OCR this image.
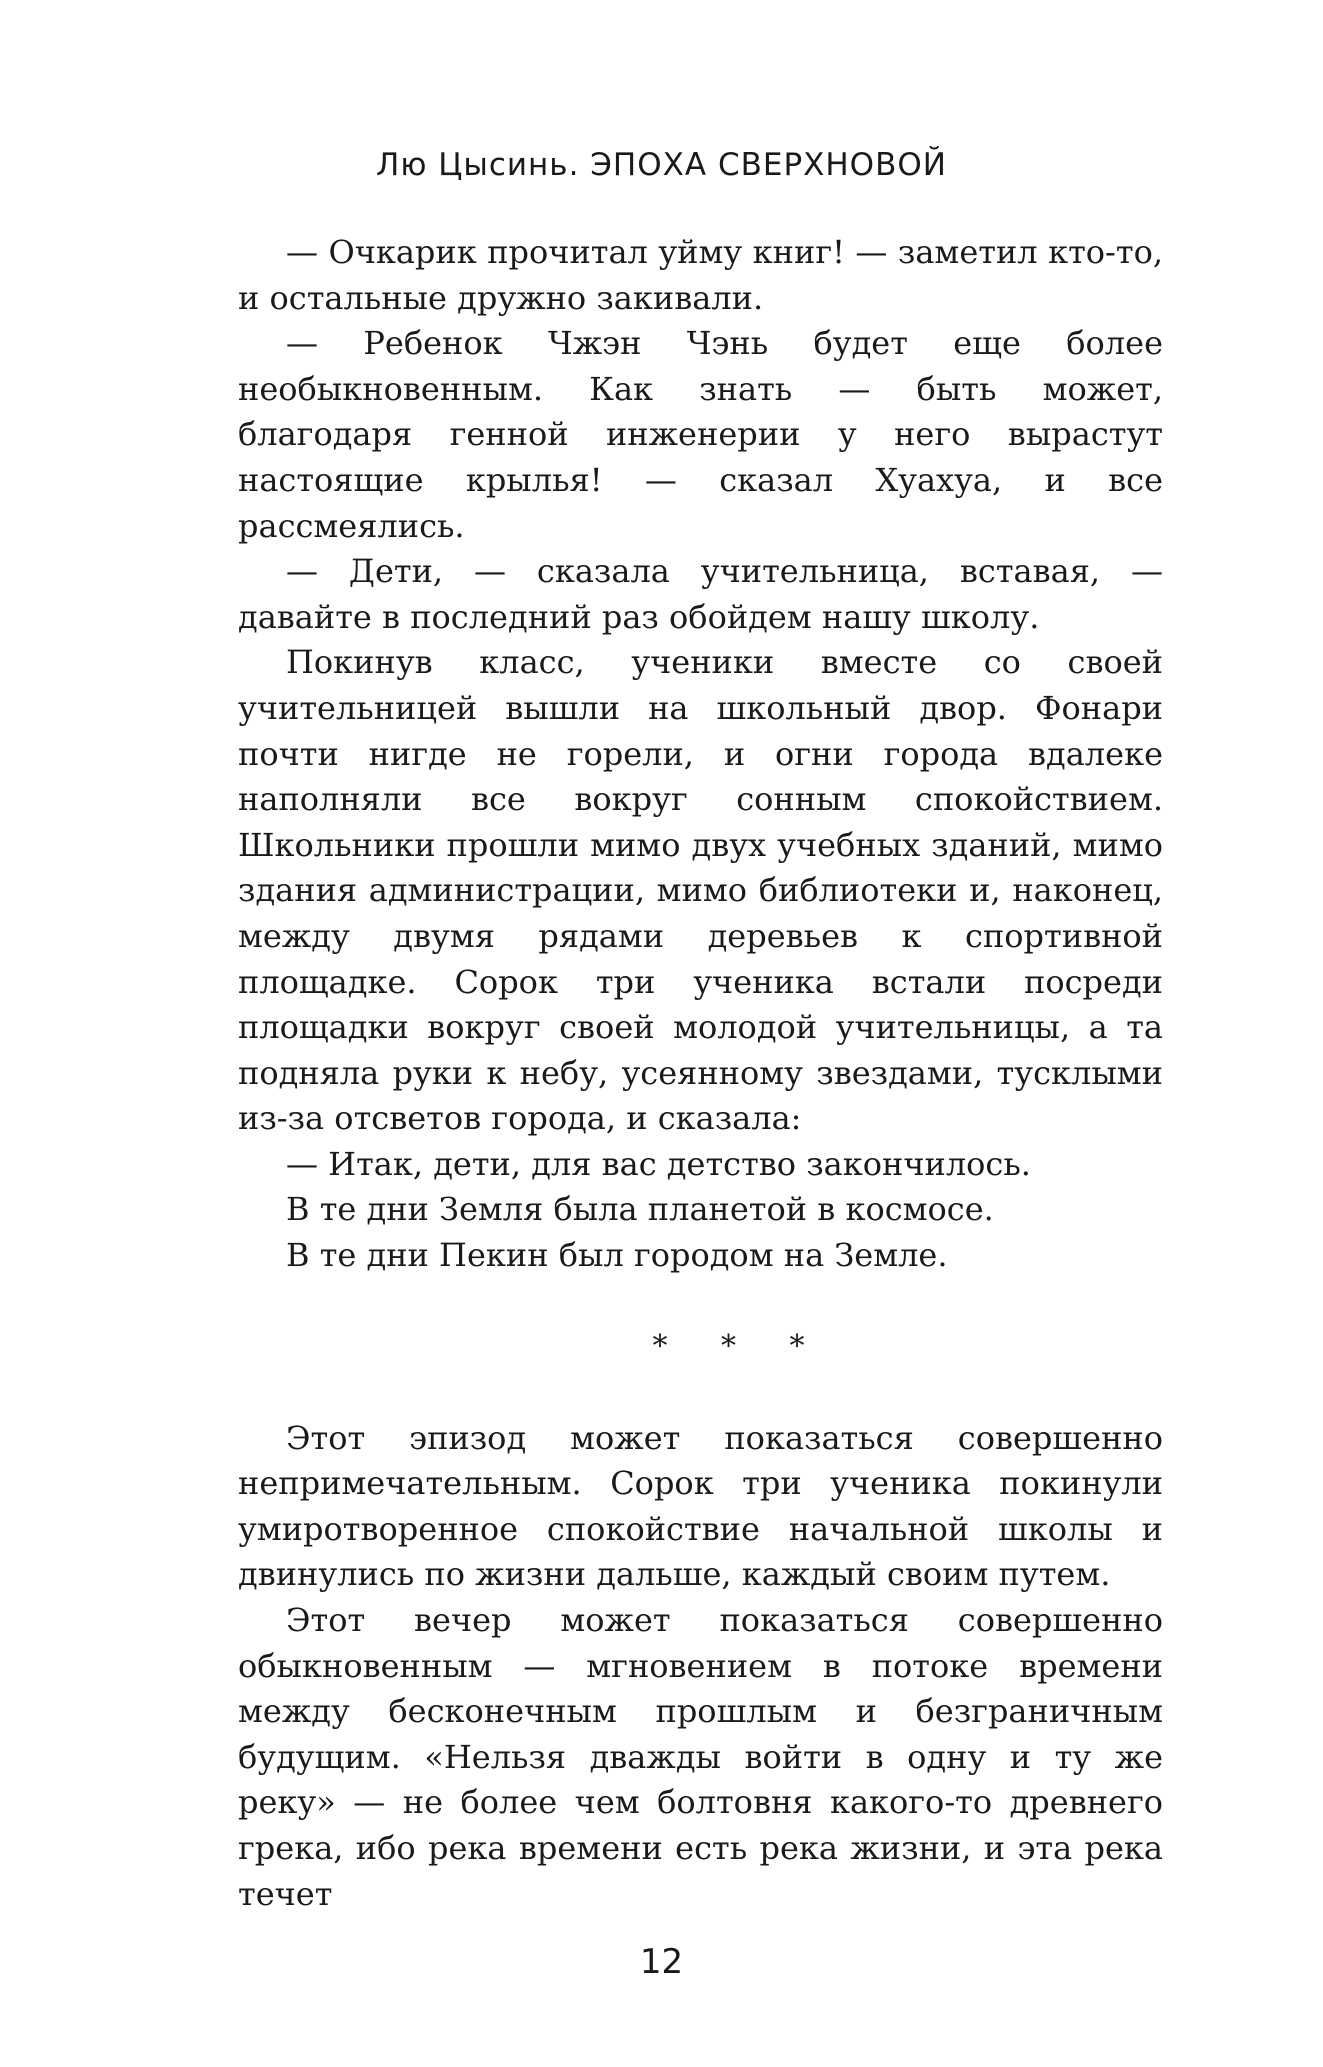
Лю Цысинь. ЭПОХА СВЕРХНОВОЙ

— Очкарик прочитал уйму книг! — заметил кто-то, и остальные дружно закивали.

— Ребенок Чжэн Чэнь будет еще более необыкновенным. Как знать — быть может, благодаря генной инженерии у него вырастут настоящие крылья! — сказал Хуахуа, и все рассмеялись.

— Дети, — сказала учительница, вставая, — давайте в последний раз обойдем нашу школу.

Покинув класс, ученики вместе со своей учительницей вышли на школьный двор. Фонари почти нигде не горели, и огни города вдалеке наполняли все вокруг сонным спокойствием. Школьники прошли мимо двух учебных зданий, мимо здания администрации, мимо библиотеки и, наконец, между двумя рядами деревьев к спортивной площадке. Сорок три ученика встали посреди площадки вокруг своей молодой учительницы, а та подняла руки к небу, усеянному звездами, тусклыми из-за отсветов города, и сказала:

— Итак, дети, для вас детство закончилось.

В те дни Земля была планетой в космосе.

В те дни Пекин был городом на Земле.

* * *

Этот эпизод может показаться совершенно непримечательным. Сорок три ученика покинули умиротворенное спокойствие начальной школы и двинулись по жизни дальше, каждый своим путем.

Этот вечер может показаться совершенно обыкновенным — мгновением в потоке времени между бесконечным прошлым и безграничным будущим. «Нельзя дважды войти в одну и ту же реку» — не более чем болтовня какого-то древнего грека, ибо река времени есть река жизни, и эта река течет

12
